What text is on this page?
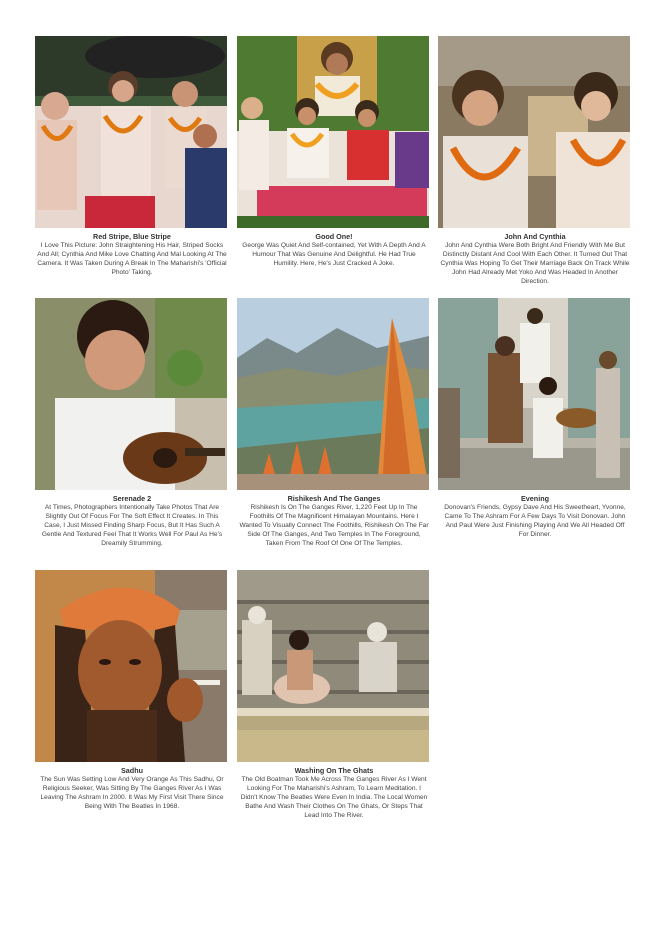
Red Stripe, Blue Stripe
I Love This Picture: John Straightening His Hair, Striped Socks And All; Cynthia And Mike Love Chatting And Mal Looking At The Camera. It Was Taken During A Break In The Maharishi's 'Official Photo' Taking.
Good One!
George Was Quiet And Self-contained, Yet With A Depth And A Humour That Was Genuine And Delightful. He Had True Humility. Here, He's Just Cracked A Joke.
John And Cynthia
John And Cynthia Were Both Bright And Friendly With Me But Distinctly Distant And Cool With Each Other. It Turned Out That Cynthia Was Hoping To Get Their Marriage Back On Track While John Had Already Met Yoko And Was Headed In Another Direction.
Serenade 2
At Times, Photographers Intentionally Take Photos That Are Slightly Out Of Focus For The Soft Effect It Creates. In This Case, I Just Missed Finding Sharp Focus, But It Has Such A Gentle And Textured Feel That It Works Well For Paul As He's Dreamily Strumming.
Rishikesh And The Ganges
Rishikesh Is On The Ganges River, 1,220 Feet Up In The Foothills Of The Magnificent Himalayan Mountains. Here I Wanted To Visually Connect The Foothills, Rishikesh On The Far Side Of The Ganges, And Two Temples In The Foreground, Taken From The Roof Of One Of The Temples.
Evening
Donovan's Friends, Gypsy Dave And His Sweetheart, Yvonne, Came To The Ashram For A Few Days To Visit Donovan. John And Paul Were Just Finishing Playing And We All Headed Off For Dinner.
Sadhu
The Sun Was Setting Low And Very Orange As This Sadhu, Or Religious Seeker, Was Sitting By The Ganges River As I Was Leaving The Ashram In 2000. It Was My First Visit There Since Being With The Beatles In 1968.
Washing On The Ghats
The Old Boatman Took Me Across The Ganges River As I Went Looking For The Maharishi's Ashram, To Learn Meditation. I Didn't Know The Beatles Were Even In India. The Local Women Bathe And Wash Their Clothes On The Ghats, Or Steps That Lead Into The River.
